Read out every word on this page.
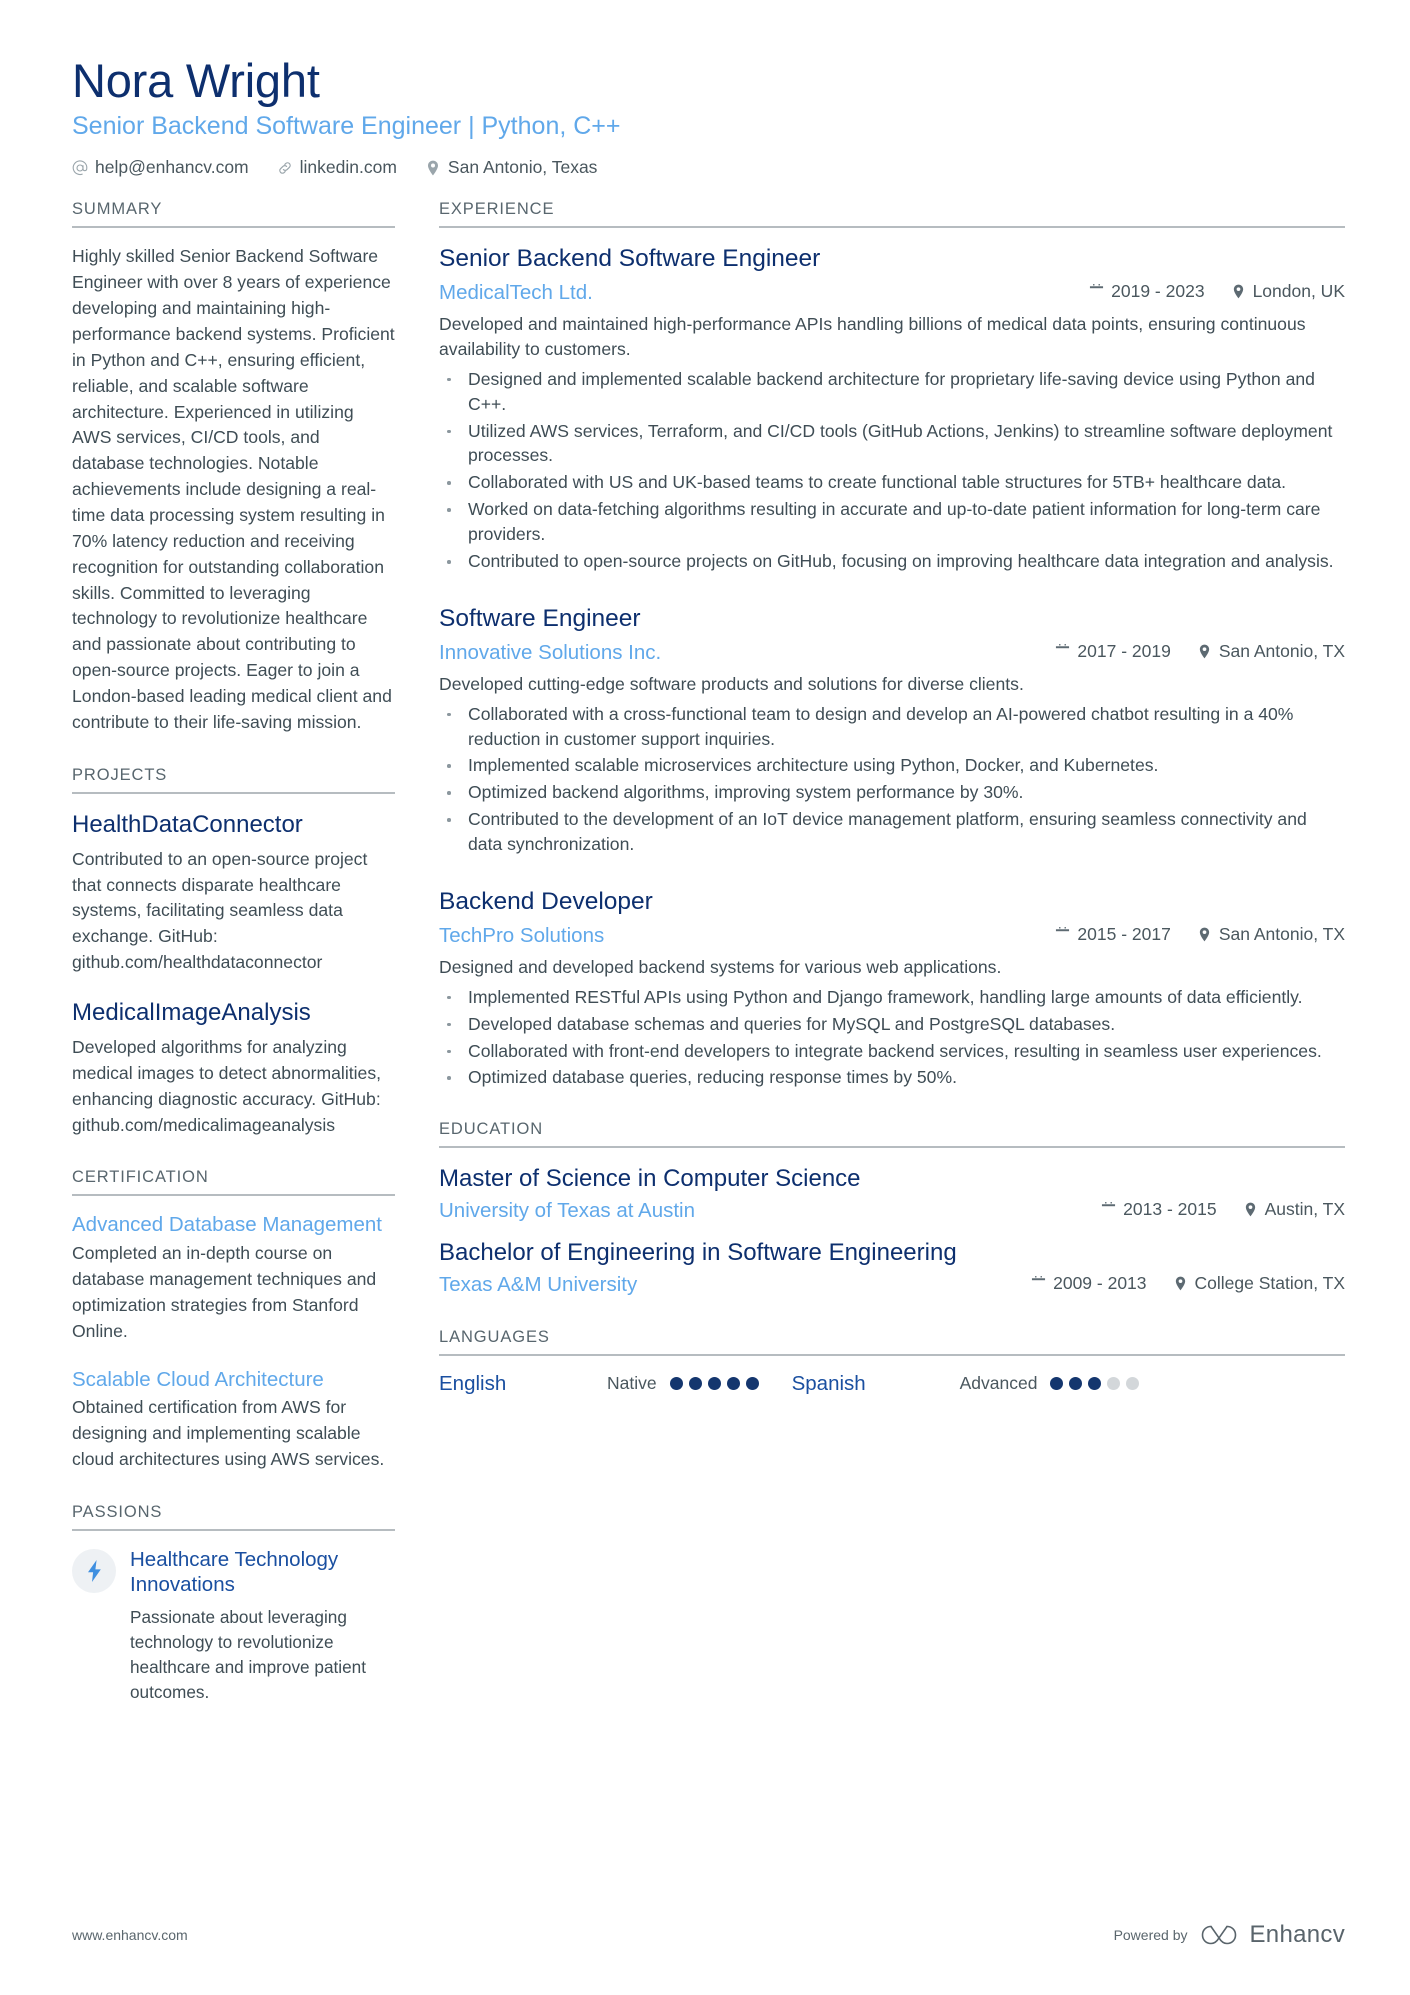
Nora Wright
Senior Backend Software Engineer | Python, C++
help@enhancv.com	linkedin.com	San Antonio, Texas
SUMMARY
Highly skilled Senior Backend Software Engineer with over 8 years of experience developing and maintaining high-performance backend systems. Proficient in Python and C++, ensuring efficient, reliable, and scalable software architecture. Experienced in utilizing AWS services, CI/CD tools, and database technologies. Notable achievements include designing a real-time data processing system resulting in 70% latency reduction and receiving recognition for outstanding collaboration skills. Committed to leveraging technology to revolutionize healthcare and passionate about contributing to open-source projects. Eager to join a London-based leading medical client and contribute to their life-saving mission.
PROJECTS
HealthDataConnector
Contributed to an open-source project that connects disparate healthcare systems, facilitating seamless data exchange. GitHub: github.com/healthdataconnector
MedicalImageAnalysis
Developed algorithms for analyzing medical images to detect abnormalities, enhancing diagnostic accuracy. GitHub: github.com/medicalimageanalysis
CERTIFICATION
Advanced Database Management
Completed an in-depth course on database management techniques and optimization strategies from Stanford Online.
Scalable Cloud Architecture
Obtained certification from AWS for designing and implementing scalable cloud architectures using AWS services.
PASSIONS
Healthcare Technology Innovations
Passionate about leveraging technology to revolutionize healthcare and improve patient outcomes.
EXPERIENCE
Senior Backend Software Engineer
MedicalTech Ltd.	2019 - 2023	London, UK
Developed and maintained high-performance APIs handling billions of medical data points, ensuring continuous availability to customers.
Designed and implemented scalable backend architecture for proprietary life-saving device using Python and C++.
Utilized AWS services, Terraform, and CI/CD tools (GitHub Actions, Jenkins) to streamline software deployment processes.
Collaborated with US and UK-based teams to create functional table structures for 5TB+ healthcare data.
Worked on data-fetching algorithms resulting in accurate and up-to-date patient information for long-term care providers.
Contributed to open-source projects on GitHub, focusing on improving healthcare data integration and analysis.
Software Engineer
Innovative Solutions Inc.	2017 - 2019	San Antonio, TX
Developed cutting-edge software products and solutions for diverse clients.
Collaborated with a cross-functional team to design and develop an AI-powered chatbot resulting in a 40% reduction in customer support inquiries.
Implemented scalable microservices architecture using Python, Docker, and Kubernetes.
Optimized backend algorithms, improving system performance by 30%.
Contributed to the development of an IoT device management platform, ensuring seamless connectivity and data synchronization.
Backend Developer
TechPro Solutions	2015 - 2017	San Antonio, TX
Designed and developed backend systems for various web applications.
Implemented RESTful APIs using Python and Django framework, handling large amounts of data efficiently.
Developed database schemas and queries for MySQL and PostgreSQL databases.
Collaborated with front-end developers to integrate backend services, resulting in seamless user experiences.
Optimized database queries, reducing response times by 50%.
EDUCATION
Master of Science in Computer Science
University of Texas at Austin	2013 - 2015	Austin, TX
Bachelor of Engineering in Software Engineering
Texas A&M University	2009 - 2013	College Station, TX
LANGUAGES
English	Native	Spanish	Advanced
www.enhancv.com	Powered by	Enhancv
